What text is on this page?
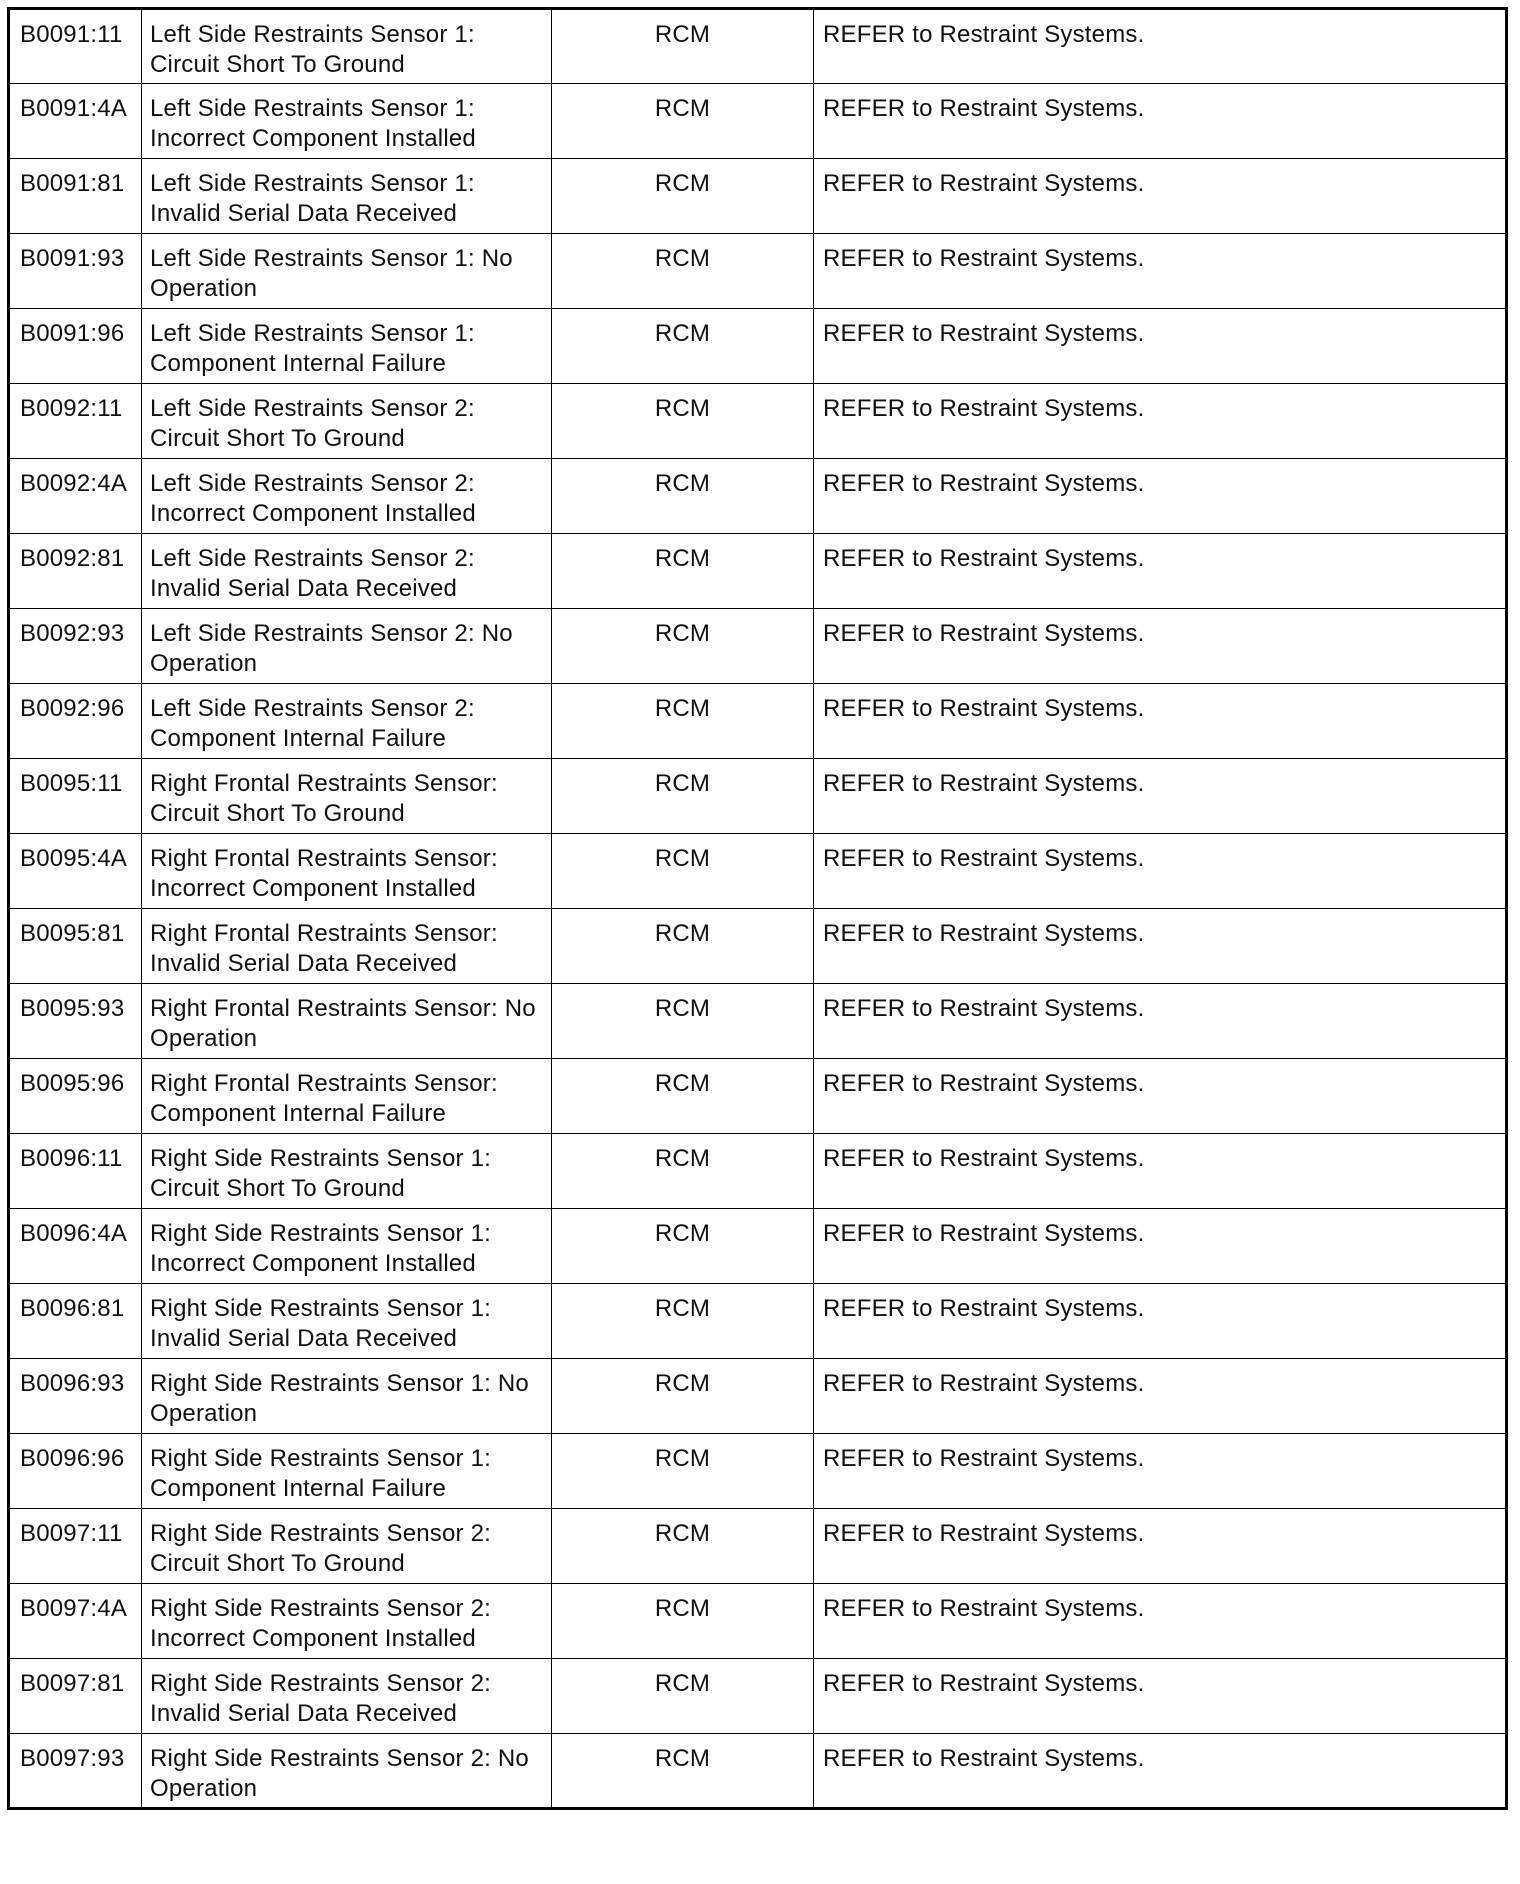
B0091:11	Left Side Restraints Sensor 1: Circuit Short To Ground	RCM	REFER to Restraint Systems.
B0091:4A	Left Side Restraints Sensor 1: Incorrect Component Installed	RCM	REFER to Restraint Systems.
B0091:81	Left Side Restraints Sensor 1: Invalid Serial Data Received	RCM	REFER to Restraint Systems.
B0091:93	Left Side Restraints Sensor 1: No Operation	RCM	REFER to Restraint Systems.
B0091:96	Left Side Restraints Sensor 1: Component Internal Failure	RCM	REFER to Restraint Systems.
B0092:11	Left Side Restraints Sensor 2: Circuit Short To Ground	RCM	REFER to Restraint Systems.
B0092:4A	Left Side Restraints Sensor 2: Incorrect Component Installed	RCM	REFER to Restraint Systems.
B0092:81	Left Side Restraints Sensor 2: Invalid Serial Data Received	RCM	REFER to Restraint Systems.
B0092:93	Left Side Restraints Sensor 2: No Operation	RCM	REFER to Restraint Systems.
B0092:96	Left Side Restraints Sensor 2: Component Internal Failure	RCM	REFER to Restraint Systems.
B0095:11	Right Frontal Restraints Sensor: Circuit Short To Ground	RCM	REFER to Restraint Systems.
B0095:4A	Right Frontal Restraints Sensor: Incorrect Component Installed	RCM	REFER to Restraint Systems.
B0095:81	Right Frontal Restraints Sensor: Invalid Serial Data Received	RCM	REFER to Restraint Systems.
B0095:93	Right Frontal Restraints Sensor: No Operation	RCM	REFER to Restraint Systems.
B0095:96	Right Frontal Restraints Sensor: Component Internal Failure	RCM	REFER to Restraint Systems.
B0096:11	Right Side Restraints Sensor 1: Circuit Short To Ground	RCM	REFER to Restraint Systems.
B0096:4A	Right Side Restraints Sensor 1: Incorrect Component Installed	RCM	REFER to Restraint Systems.
B0096:81	Right Side Restraints Sensor 1: Invalid Serial Data Received	RCM	REFER to Restraint Systems.
B0096:93	Right Side Restraints Sensor 1: No Operation	RCM	REFER to Restraint Systems.
B0096:96	Right Side Restraints Sensor 1: Component Internal Failure	RCM	REFER to Restraint Systems.
B0097:11	Right Side Restraints Sensor 2: Circuit Short To Ground	RCM	REFER to Restraint Systems.
B0097:4A	Right Side Restraints Sensor 2: Incorrect Component Installed	RCM	REFER to Restraint Systems.
B0097:81	Right Side Restraints Sensor 2: Invalid Serial Data Received	RCM	REFER to Restraint Systems.
B0097:93	Right Side Restraints Sensor 2: No Operation	RCM	REFER to Restraint Systems.
